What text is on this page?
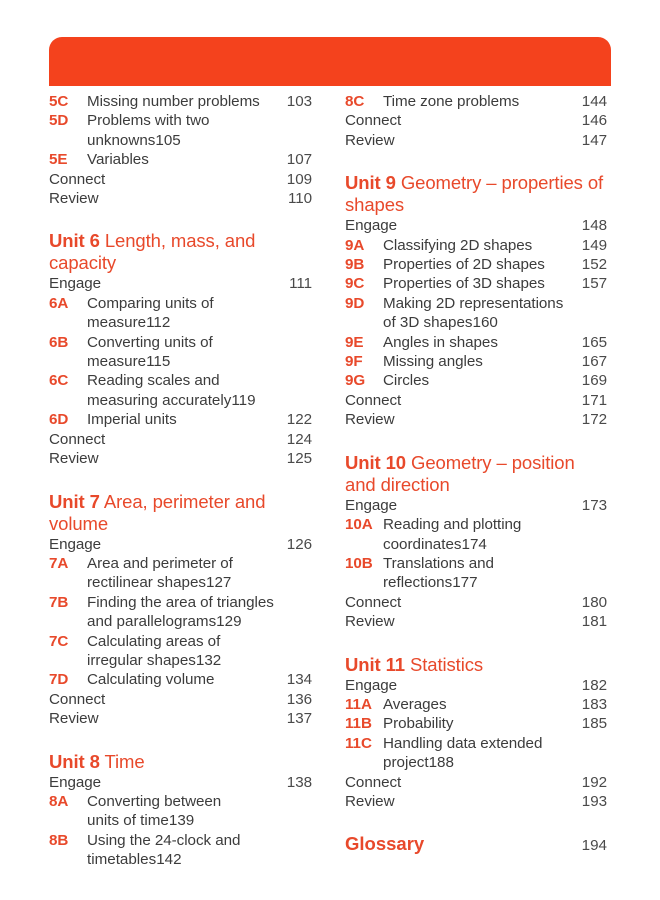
5C	Missing number problems	103
5D	Problems with two
unknowns 105
5E	Variables	107
Connect	109
Review	110
Unit 6 Length, mass, and capacity
Engage	111
6A	Comparing units of
measure 112
6B	Converting units of
measure 115
6C	Reading scales and
measuring accurately 119
6D	Imperial units	122
Connect	124
Review	125
Unit 7 Area, perimeter and volume
Engage	126
7A	Area and perimeter of
rectilinear shapes 127
7B	Finding the area of triangles
and parallelograms 129
7C	Calculating areas of
irregular shapes 132
7D	Calculating volume	134
Connect	136
Review	137
Unit 8 Time
Engage	138
8A	Converting between
units of time 139
8B	Using the 24-clock and
timetables 142
8C	Time zone problems	144
Connect	146
Review	147
Unit 9 Geometry – properties of shapes
Engage	148
9A	Classifying 2D shapes	149
9B	Properties of 2D shapes	152
9C	Properties of 3D shapes	157
9D	Making 2D representations
of 3D shapes 160
9E	Angles in shapes	165
9F	Missing angles	167
9G	Circles	169
Connect	171
Review	172
Unit 10 Geometry – position and direction
Engage	173
10A Reading and plotting
coordinates 174
10B Translations and
reflections 177
Connect	180
Review	181
Unit 11 Statistics
Engage	182
11A Averages	183
11B Probability	185
11C Handling data extended
project 188
Connect	192
Review	193
Glossary	194
